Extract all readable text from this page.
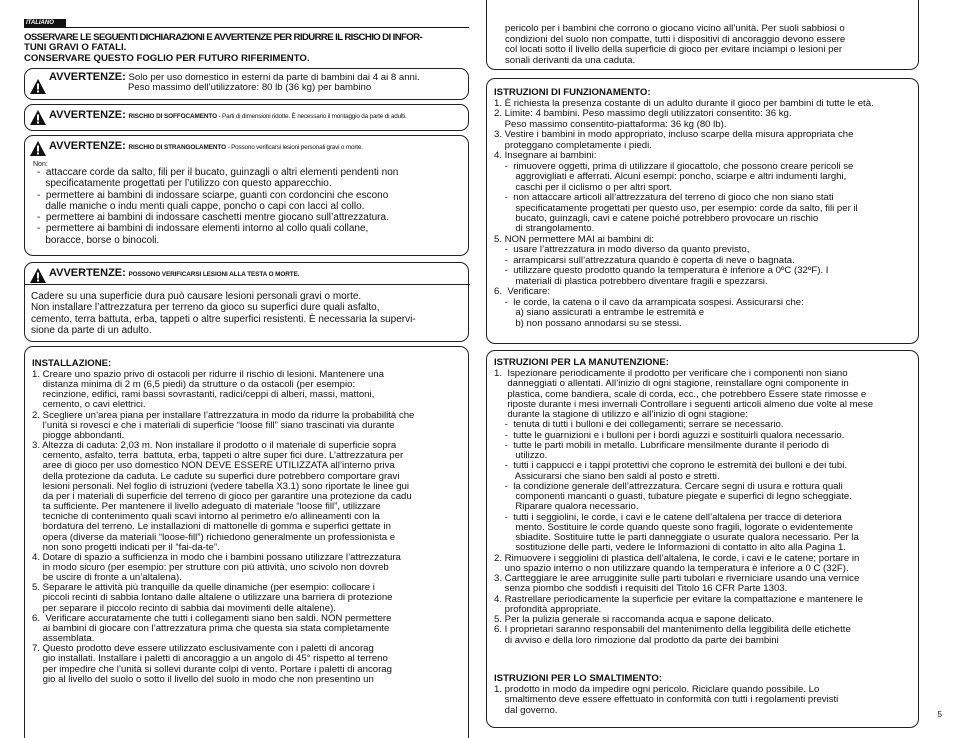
ITALIANO
OSSERVARE LE SEGUENTI DICHIARAZIONI E AVVERTENZE PER RIDURRE IL RISCHIO DI INFOR-
TUNI GRAVI O FATALI.
CONSERVARE QUESTO FOGLIO PER FUTURO RIFERIMENTO.
AVVERTENZE: Solo per uso domestico in esterni da parte di bambini dai 4 ai 8 anni.
Peso massimo dell’utilizzatore: 80 lb (36 kg) per bambino
AVVERTENZE: RISCHIO DI SOFFOCAMENTO - Parti di dimensioni ridotte. È necessario il montaggio da parte di adulti.
AVVERTENZE: RISCHIO DI STRANGOLAMENTO - Possono verificarsi lesioni personali gravi o morte.
Non:
-  attaccare corde da salto, fili per il bucato, guinzagli o altri elementi pendenti non
specificatamente progettati per l’utilizzo con questo apparecchio.
-  permettere ai bambini di indossare sciarpe, guanti con cordoncini che escono
dalle maniche o indu menti quali cappe, poncho o capi con lacci al collo.
-  permettere ai bambini di indossare caschetti mentre giocano sull’attrezzatura.
-  permettere ai bambini di indossare elementi intorno al collo quali collane,
boracce, borse o binocoli.
AVVERTENZE: POSSONO VERIFICARSI LESIONI ALLA TESTA O MORTE.
Cadere su una superficie dura può causare lesioni personali gravi o morte.
Non installare l’attrezzatura per terreno da gioco su superfici dure quali asfalto,
cemento, terra battuta, erba, tappeti o altre superfici resistenti. È necessaria la supervi-
sione da parte di un adulto.
INSTALLAZIONE:
1. Creare uno spazio privo di ostacoli per ridurre il rischio di lesioni. Mantenere una
distanza minima di 2 m (6,5 piedi) da strutture o da ostacoli (per esempio:
recinzione, edifici, rami bassi sovrastanti, radici/ceppi di alberi, massi, mattoni,
cemento, o cavi elettrici.
2. Scegliere un’area piana per installare l’attrezzatura in modo da ridurre la probabilità che
l’unità si rovesci e che i materiali di superficie “loose fill” siano trascinati via durante
piogge abbondanti.
3. Altezza di caduta: 2,03 m. Non installare il prodotto o il materiale di superficie sopra
cemento, asfalto, terra  battuta, erba, tappeti o altre super fici dure. L’attrezzatura per
aree di gioco per uso domestico NON DEVE ESSERE UTILIZZATA all’interno priva
della protezione da caduta. Le cadute su superfici dure potrebbero comportare gravi
lesioni personali. Nel foglio di istruzioni (vedere tabella X3.1) sono riportate le linee gui
da per i materiali di superficie del terreno di gioco per garantire una protezione da cadu
ta sufficiente. Per mantenere il livello adeguato di materiale “loose fill”, utilizzare
tecniche di contenimento quali scavi intorno al perimetro e/o allineamenti con la
bordatura del terreno. Le installazioni di mattonelle di gomma e superfici gettate in
opera (diverse da materiali “loose-fill”) richiedono generalmente un professionista e
non sono progetti indicati per il “fai-da-te”.
4. Dotare di spazio a sufficienza in modo che i bambini possano utilizzare l’attrezzatura
in modo sicuro (per esempio: per strutture con più attività, uno scivolo non dovreb
be uscire di fronte a un’altalena).
5. Separare le attività più tranquille da quelle dinamiche (per esempio: collocare i
piccoli recinti di sabbia lontano dalle altalene o utilizzare una barriera di protezione
per separare il piccolo recinto di sabbia dai movimenti delle altalene).
6.  Verificare accuratamente che tutti i collegamenti siano ben saldi. NON permettere
ai bambini di giocare con l’attrezzatura prima che questa sia stata completamente
assemblata.
7. Questo prodotto deve essere utilizzato esclusivamente con i paletti di ancorag
gio installati. Installare i paletti di ancoraggio a un angolo di 45° rispetto al terreno
per impedire che l’unità si sollevi durante colpi di vento. Portare i paletti di ancorag
gio al livello del suolo o sotto il livello del suolo in modo che non presentino un
pericolo per i bambini che corrono o giocano vicino all’unità. Per suoli sabbiosi o
condizioni del suolo non compatte, tutti i dispositivi di ancoraggio devono essere
col locati sotto il livello della superficie di gioco per evitare inciampi o lesioni per
sonali derivanti da una caduta.
ISTRUZIONI DI FUNZIONAMENTO:
1. È richiesta la presenza costante di un adulto durante il gioco per bambini di tutte le età.
2. Limite: 4 bambini. Peso massimo degli utilizzatori consentito: 36 kg.
Peso massimo consentito-piattaforma: 36 kg (80 lb).
3. Vestire i bambini in modo appropriato, incluso scarpe della misura appropriata che
proteggano completamente i piedi.
4. Insegnare ai bambini:
-  rimuovere oggetti, prima di utilizzare il giocattolo, che possono creare pericoli se
aggrovigliati e afferrati. Alcuni esempi: poncho, sciarpe e altri indumenti larghi,
caschi per il ciclismo o per altri sport.
-  non attaccare articoli all’attrezzatura del terreno di gioco che non siano stati
specificatamente progettati per questo uso, per esempio: corde da salto, fili per il
bucato, guinzagli, cavi e catene poiché potrebbero provocare un rischio
di strangolamento.
5. NON permettere MAI ai bambini di:
-  usare l’attrezzatura in modo diverso da quanto previsto,
-  arrampicarsi sull’attrezzatura quando è coperta di neve o bagnata.
-  utilizzare questo prodotto quando la temperatura è inferiore a 0ºC (32ºF). I
materiali di plastica potrebbero diventare fragili e spezzarsi.
6.  Verificare:
-  le corde, la catena o il cavo da arrampicata sospesi. Assicurarsi che:
a) siano assicurati a entrambe le estremità e
b) non possano annodarsi su se stessi.
ISTRUZIONI PER LA MANUTENZIONE:
1.  Ispezionare periodicamente il prodotto per verificare che i componenti non siano
danneggiati o allentati. All’inizio di ogni stagione, reinstallare ogni componente in
plastica, come bandiera, scale di corda, ecc., che potrebbero Essere state rimosse e
riposte durante i mesi invernali Controllare i seguenti articoli almeno due volte al mese
durante la stagione di utilizzo e all’inizio di ogni stagione:
-  tenuta di tutti i bulloni e dei collegamenti; serrare se necessario.
-  tutte le guarnizioni e i bulloni per i bordi aguzzi e sostituirli qualora necessario.
-  tutte le parti mobili in metallo. Lubrificare mensilmente durante il periodo di
utilizzo.
-  tutti i cappucci e i tappi protettivi che coprono le estremità dei bulloni e dei tubi.
Assicurarsi che siano ben saldi al posto e stretti.
-  la condizione generale dell’attrezzatura. Cercare segni di usura e rottura quali
componenti mancanti o guasti, tubature piegate e superfici di legno scheggiate.
Riparare qualora necessario.
-  tutti i seggiolini, le corde, i cavi e le catene dell’altalena per tracce di deteriora
mento. Sostituire le corde quando queste sono fragili, logorate o evidentemente
sbiadite. Sostituire tutte le parti danneggiate o usurate qualora necessario. Per la
sostituzione delle parti, vedere le Informazioni di contatto in alto alla Pagina 1.
2. Rimuovere i seggiolini di plastica dell’altalena, le corde, i cavi e le catene; portare in
uno spazio interno o non utilizzare quando la temperatura è inferiore a 0 C (32F).
3. Cartteggiare le aree arrugginite sulle parti tubolari e riverniciare usando una vernice
senza piombo che soddisfi i requisiti del Titolo 16 CFR Parte 1303.
4. Rastrellare periodicamente la superficie per evitare la compattazione e mantenere le
profondità appropriate.
5. Per la pulizia generale si raccomanda acqua e sapone delicato.
6. I proprietari saranno responsabili del mantenimento della leggibilità delle etichette
di avviso e della loro rimozione dal prodotto da parte dei bambini
ISTRUZIONI PER LO SMALTIMENTO:
1. prodotto in modo da impedire ogni pericolo. Riciclare quando possibile. Lo
smaltimento deve essere effettuato in conformità con tutti i regolamenti previsti
dal governo.	5
